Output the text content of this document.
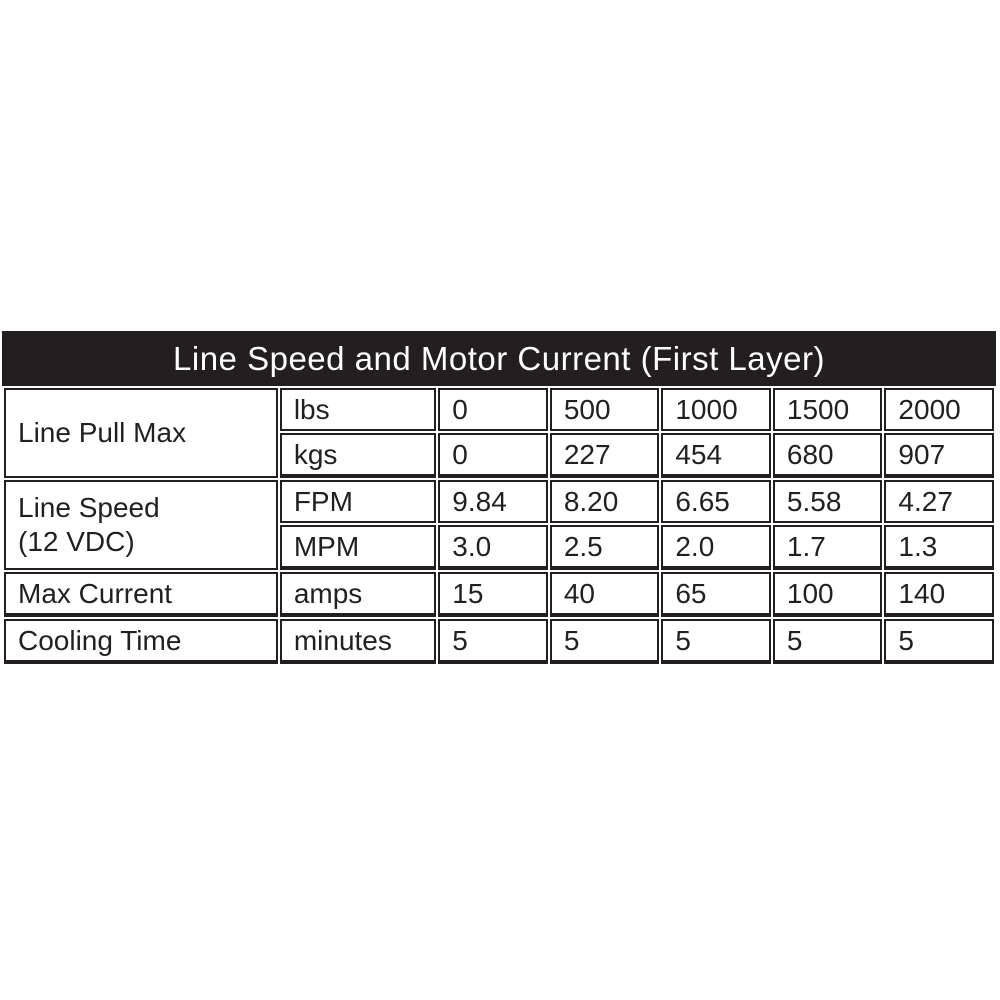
Line Speed and Motor Current (First Layer)
Line Pull Max	lbs	0	500	1000	1500	2000
	kgs	0	227	454	680	907

Line Speed
(12 VDC)	FPM	9.84	8.20	6.65	5.58	4.27
	MPM	3.0	2.5	2.0	1.7	1.3
Max Current	amps	15	40	65	100	140
Cooling Time	minutes	5	5	5	5	5
